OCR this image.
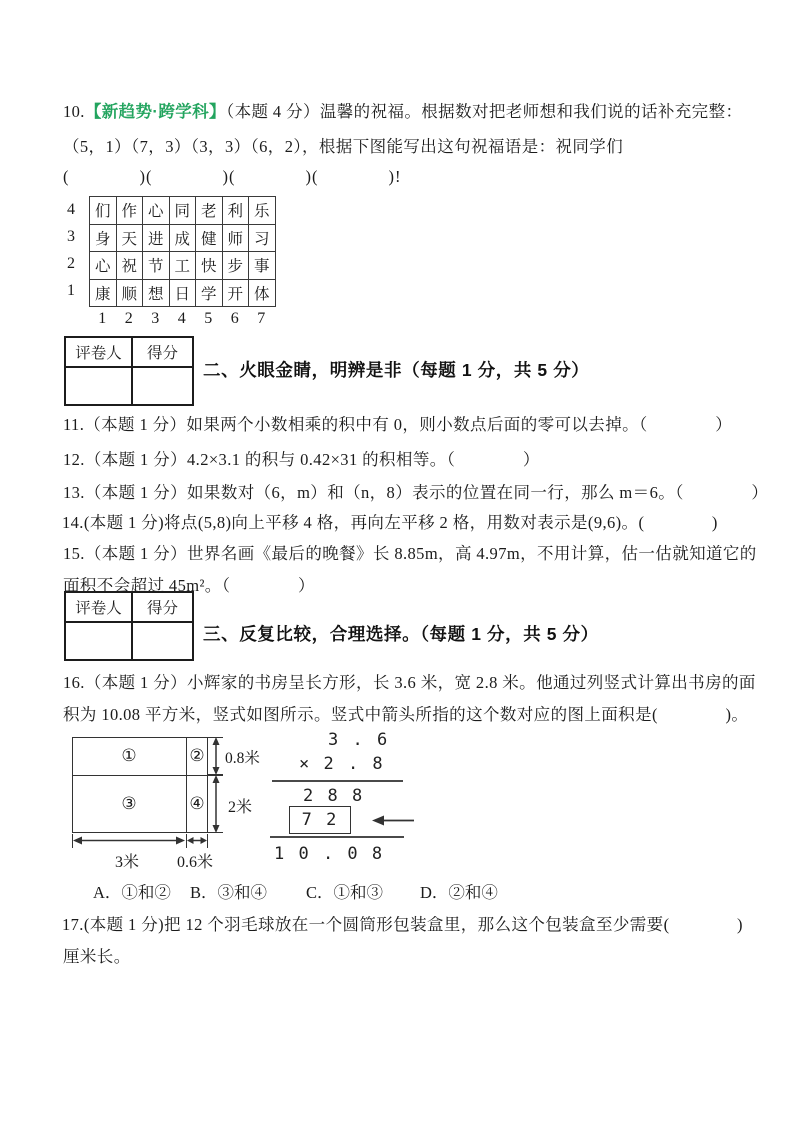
10.【新趋势·跨学科】（本题 4 分）温馨的祝福。根据数对把老师想和我们说的话补充完整：
（5，1）（7，3）（3，3）（6，2），根据下图能写出这句祝福语是：祝同学们
(　　　　)(　　　　)(　　　　)(　　　　)!
4
3
2
1
们 作 心 同 老 利 乐
身 天 进 成 健 师 习
心 祝 节 工 快 步 事
康 顺 想 日 学 开 体
1	2	3	4	5	6	7
评卷人	得分
二、火眼金睛，明辨是非（每题 1 分，共 5 分）
11.（本题 1 分）如果两个小数相乘的积中有 0，则小数点后面的零可以去掉。（　　　　）
12.（本题 1 分）4.2×3.1 的积与 0.42×31 的积相等。（　　　　）
13.（本题 1 分）如果数对（6，m）和（n，8）表示的位置在同一行，那么 m＝6。（　　　　）
14.(本题 1 分)将点(5,8)向上平移 4 格，再向左平移 2 格，用数对表示是(9,6)。(　　　　)
15.（本题 1 分）世界名画《最后的晚餐》长 8.85m，高 4.97m，不用计算，估一估就知道它的
面积不会超过 45m²。（　　　　）
评卷人	得分
三、反复比较，合理选择。（每题 1 分，共 5 分）
16.（本题 1 分）小辉家的书房呈长方形，长 3.6 米，宽 2.8 米。他通过列竖式计算出书房的面
积为 10.08 平方米，竖式如图所示。竖式中箭头所指的这个数对应的图上面积是(　　　　)。
①	②
③	④
0.8米
2米
3米	0.6米
3 . 6
× 2 . 8
2 8 8
7 2
1 0 . 0 8
A．①和② B．③和④ C．①和③ D．②和④
17.(本题 1 分)把 12 个羽毛球放在一个圆筒形包装盒里，那么这个包装盒至少需要(　　　　)
厘米长。
